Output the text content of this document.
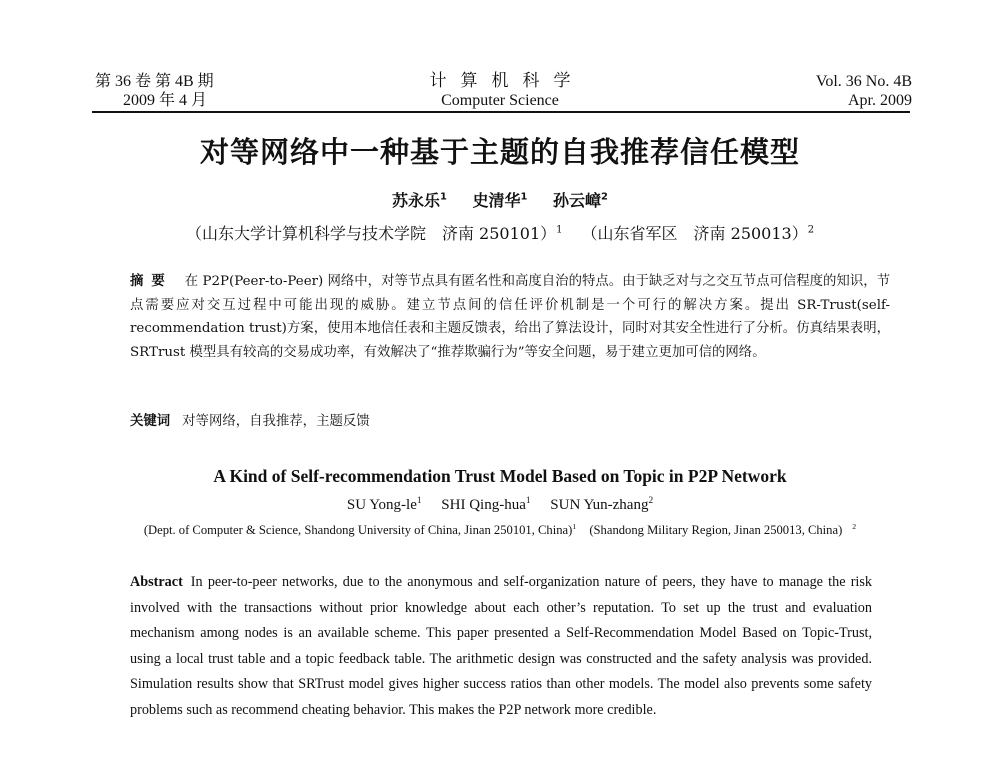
第 36 卷 第 4B 期
2009 年 4 月
计算机科学
Computer Science
Vol. 36 No. 4B
Apr. 2009
对等网络中一种基于主题的自我推荐信任模型
苏永乐$^1$ 史清华$^1$ 孙云嶂$^2$
（山东大学计算机科学与技术学院　济南 250101）$^1$ （山东省军区　济南 250013）$^2$
摘要 在 P2P(Peer-to-Peer) 网络中，对等节点具有匿名性和高度自治的特点。由于缺乏对与之交互节点可信程度的知识，节点需要应对交互过程中可能出现的威胁。建立节点间的信任评价机制是一个可行的解决方案。提出 SR-Trust(self-recommendation trust)方案，使用本地信任表和主题反馈表，给出了算法设计，同时对其安全性进行了分析。仿真结果表明，SRTrust 模型具有较高的交易成功率，有效解决了“推荐欺骗行为”等安全问题，易于建立更加可信的网络。
关键词 对等网络，自我推荐，主题反馈
A Kind of Self-recommendation Trust Model Based on Topic in P2P Network
SU Yong-$le^1$ SHI Qing-hua$^1$ SUN Yun-zhang$^2$
(Dept. of Computer & Science, Shandong University of China, Jinan 250101, China)$^1$ (Shandong Military Region, Jinan 250013, China) $^2$
Abstract In peer-to-peer networks, due to the anonymous and self-organization nature of peers, they have to manage the risk involved with the transactions without prior knowledge about each other’s reputation. To set up the trust and evaluation mechanism among nodes is an available scheme. This paper presented a Self-Recommendation Model Based on Topic-Trust, using a local trust table and a topic feedback table. The arithmetic design was constructed and the safety analysis was provided. Simulation results show that SRTrust model gives higher success ratios than other models. The model also prevents some safety problems such as recommend cheating behavior. This makes the P2P network more credible.
